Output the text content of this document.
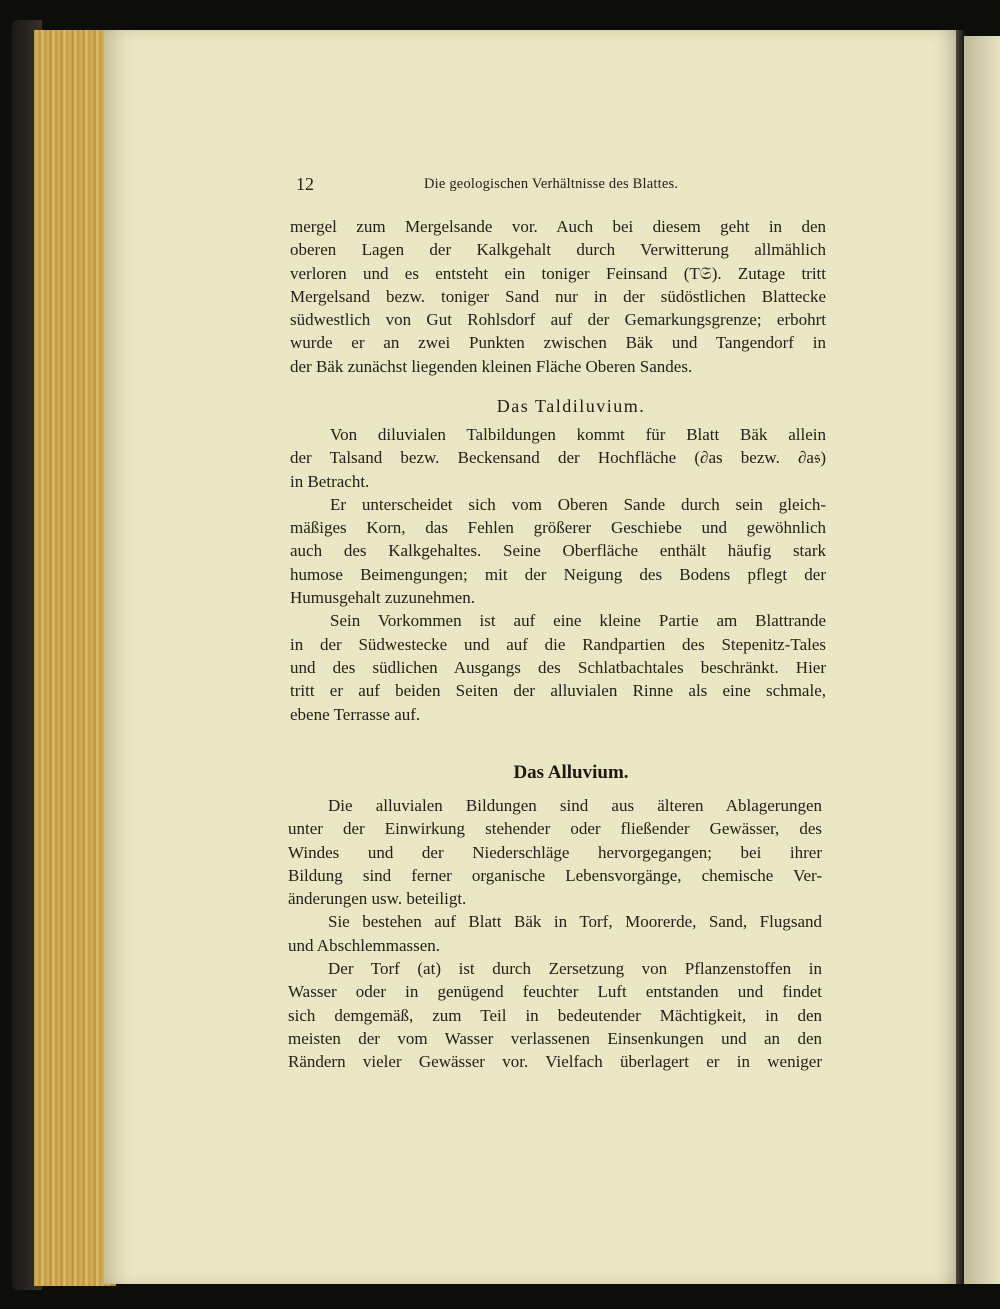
12	Die geologischen Verhältnisse des Blattes.
mergel zum Mergelsande vor. Auch bei diesem geht in den
oberen Lagen der Kalkgehalt durch Verwitterung allmählich
verloren und es entsteht ein toniger Feinsand (T𝔖). Zutage tritt
Mergelsand bezw. toniger Sand nur in der südöstlichen Blattecke
südwestlich von Gut Rohlsdorf auf der Gemarkungsgrenze; erbohrt
wurde er an zwei Punkten zwischen Bäk und Tangendorf in
der Bäk zunächst liegenden kleinen Fläche Oberen Sandes.
Das Taldiluvium.
Von diluvialen Talbildungen kommt für Blatt Bäk allein
der Talsand bezw. Beckensand der Hochfläche (∂as bezw. ∂a𝔰)
in Betracht.
Er unterscheidet sich vom Oberen Sande durch sein gleich-
mäßiges Korn, das Fehlen größerer Geschiebe und gewöhnlich
auch des Kalkgehaltes. Seine Oberfläche enthält häufig stark
humose Beimengungen; mit der Neigung des Bodens pflegt der
Humusgehalt zuzunehmen.
Sein Vorkommen ist auf eine kleine Partie am Blattrande
in der Südwestecke und auf die Randpartien des Stepenitz-Tales
und des südlichen Ausgangs des Schlatbachtales beschränkt. Hier
tritt er auf beiden Seiten der alluvialen Rinne als eine schmale,
ebene Terrasse auf.
Das Alluvium.
Die alluvialen Bildungen sind aus älteren Ablagerungen
unter der Einwirkung stehender oder fließender Gewässer, des
Windes und der Niederschläge hervorgegangen; bei ihrer
Bildung sind ferner organische Lebensvorgänge, chemische Ver-
änderungen usw. beteiligt.
Sie bestehen auf Blatt Bäk in Torf, Moorerde, Sand, Flugsand
und Abschlemmassen.
Der Torf (at) ist durch Zersetzung von Pflanzenstoffen in
Wasser oder in genügend feuchter Luft entstanden und findet
sich demgemäß, zum Teil in bedeutender Mächtigkeit, in den
meisten der vom Wasser verlassenen Einsenkungen und an den
Rändern vieler Gewässer vor. Vielfach überlagert er in weniger
